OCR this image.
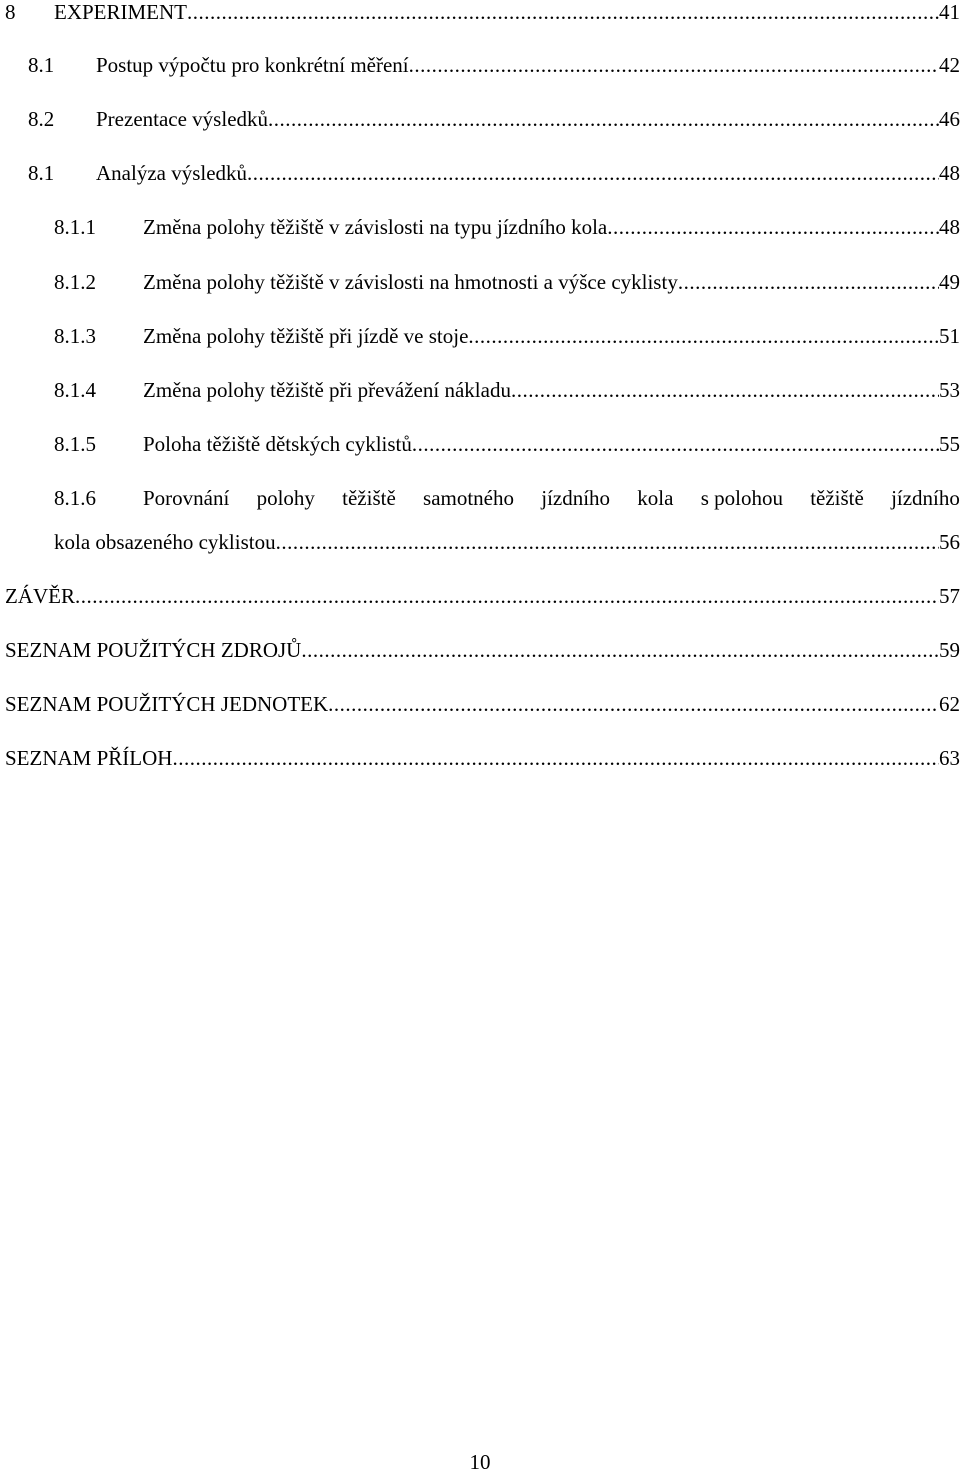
8 EXPERIMENT .....	41
8.1 Postup výpočtu pro konkrétní měření .....	42
8.2 Prezentace výsledků .....	46
8.1 Analýza výsledků .....	48
8.1.1 Změna polohy těžiště v závislosti na typu jízdního kola .....	48
8.1.2 Změna polohy těžiště v závislosti na hmotnosti a výšce cyklisty .....	49
8.1.3 Změna polohy těžiště při jízdě ve stoje .....	51
8.1.4 Změna polohy těžiště při převážení nákladu .....	53
8.1.5 Poloha těžiště dětských cyklistů .....	55
8.1.6 Porovnání polohy těžiště samotného jízdního kola s polohou těžiště jízdního
kola obsazeného cyklistou .....	56
ZÁVĚR .....	57
SEZNAM POUŽITÝCH ZDROJŮ .....	59
SEZNAM POUŽITÝCH JEDNOTEK .....	62
SEZNAM PŘÍLOH .....	63
10
